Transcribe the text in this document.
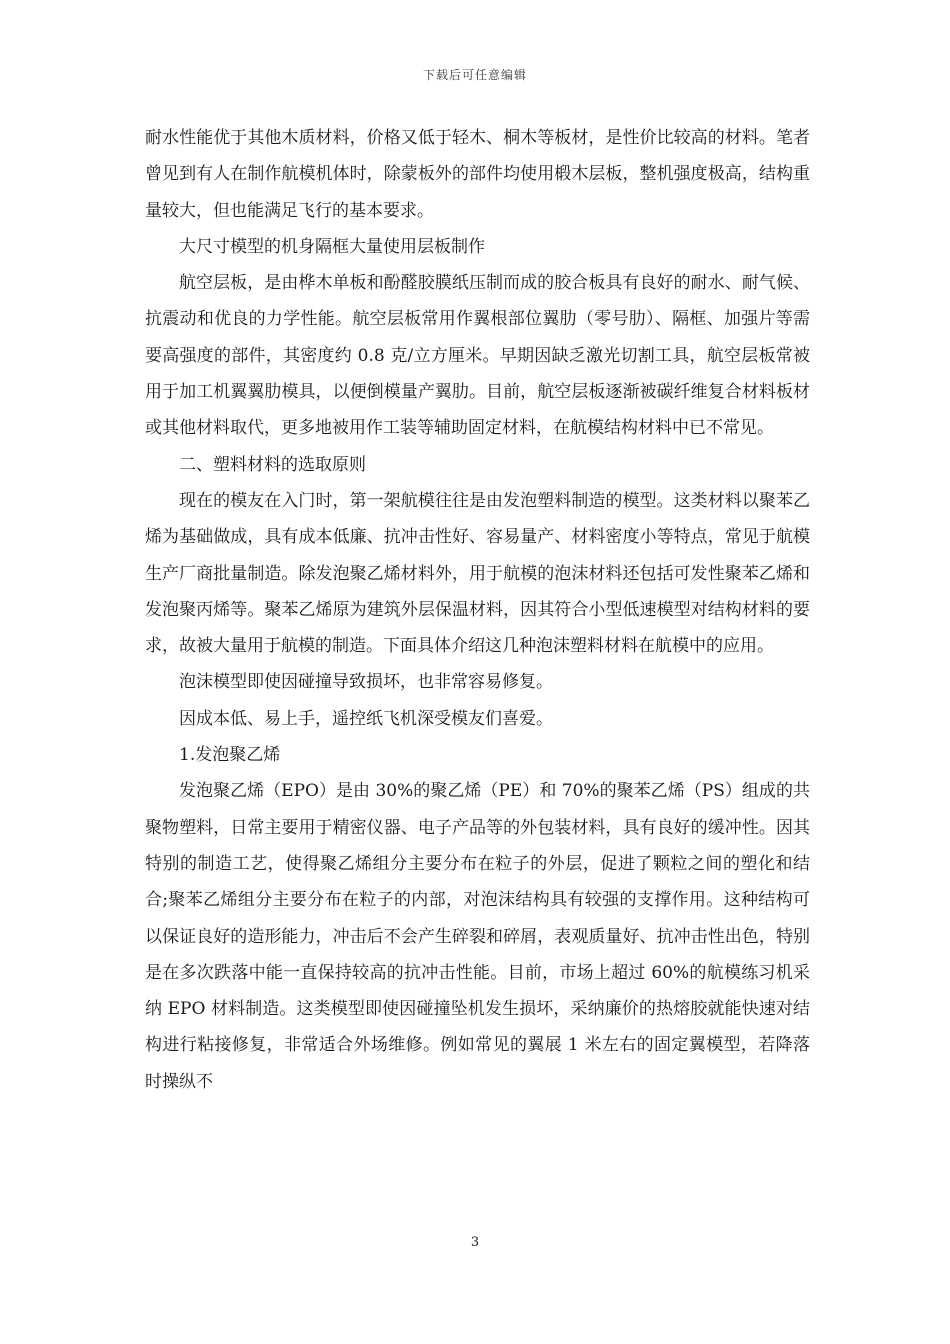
下载后可任意编辑

耐水性能优于其他木质材料，价格又低于轻木、桐木等板材，是性价比较高的材料。笔者曾见到有人在制作航模机体时，除蒙板外的部件均使用椴木层板，整机强度极高，结构重量较大，但也能满足飞行的基本要求。

大尺寸模型的机身隔框大量使用层板制作

航空层板，是由桦木单板和酚醛胶膜纸压制而成的胶合板具有良好的耐水、耐气候、抗震动和优良的力学性能。航空层板常用作翼根部位翼肋（零号肋）、隔框、加强片等需要高强度的部件，其密度约 0.8 克/立方厘米。早期因缺乏激光切割工具，航空层板常被用于加工机翼翼肋模具，以便倒模量产翼肋。目前，航空层板逐渐被碳纤维复合材料板材或其他材料取代，更多地被用作工装等辅助固定材料，在航模结构材料中已不常见。

二、塑料材料的选取原则

现在的模友在入门时，第一架航模往往是由发泡塑料制造的模型。这类材料以聚苯乙烯为基础做成，具有成本低廉、抗冲击性好、容易量产、材料密度小等特点，常见于航模生产厂商批量制造。除发泡聚乙烯材料外，用于航模的泡沫材料还包括可发性聚苯乙烯和发泡聚丙烯等。聚苯乙烯原为建筑外层保温材料，因其符合小型低速模型对结构材料的要求，故被大量用于航模的制造。下面具体介绍这几种泡沫塑料材料在航模中的应用。

泡沫模型即使因碰撞导致损坏，也非常容易修复。

因成本低、易上手，遥控纸飞机深受模友们喜爱。

1.发泡聚乙烯

发泡聚乙烯（EPO）是由 30%的聚乙烯（PE）和 70%的聚苯乙烯（PS）组成的共聚物塑料，日常主要用于精密仪器、电子产品等的外包装材料，具有良好的缓冲性。因其特别的制造工艺，使得聚乙烯组分主要分布在粒子的外层，促进了颗粒之间的塑化和结合;聚苯乙烯组分主要分布在粒子的内部，对泡沫结构具有较强的支撑作用。这种结构可以保证良好的造形能力，冲击后不会产生碎裂和碎屑，表观质量好、抗冲击性出色，特别是在多次跌落中能一直保持较高的抗冲击性能。目前，市场上超过 60%的航模练习机采纳 EPO 材料制造。这类模型即使因碰撞坠机发生损坏，采纳廉价的热熔胶就能快速对结构进行粘接修复，非常适合外场维修。例如常见的翼展 1 米左右的固定翼模型，若降落时操纵不

3
